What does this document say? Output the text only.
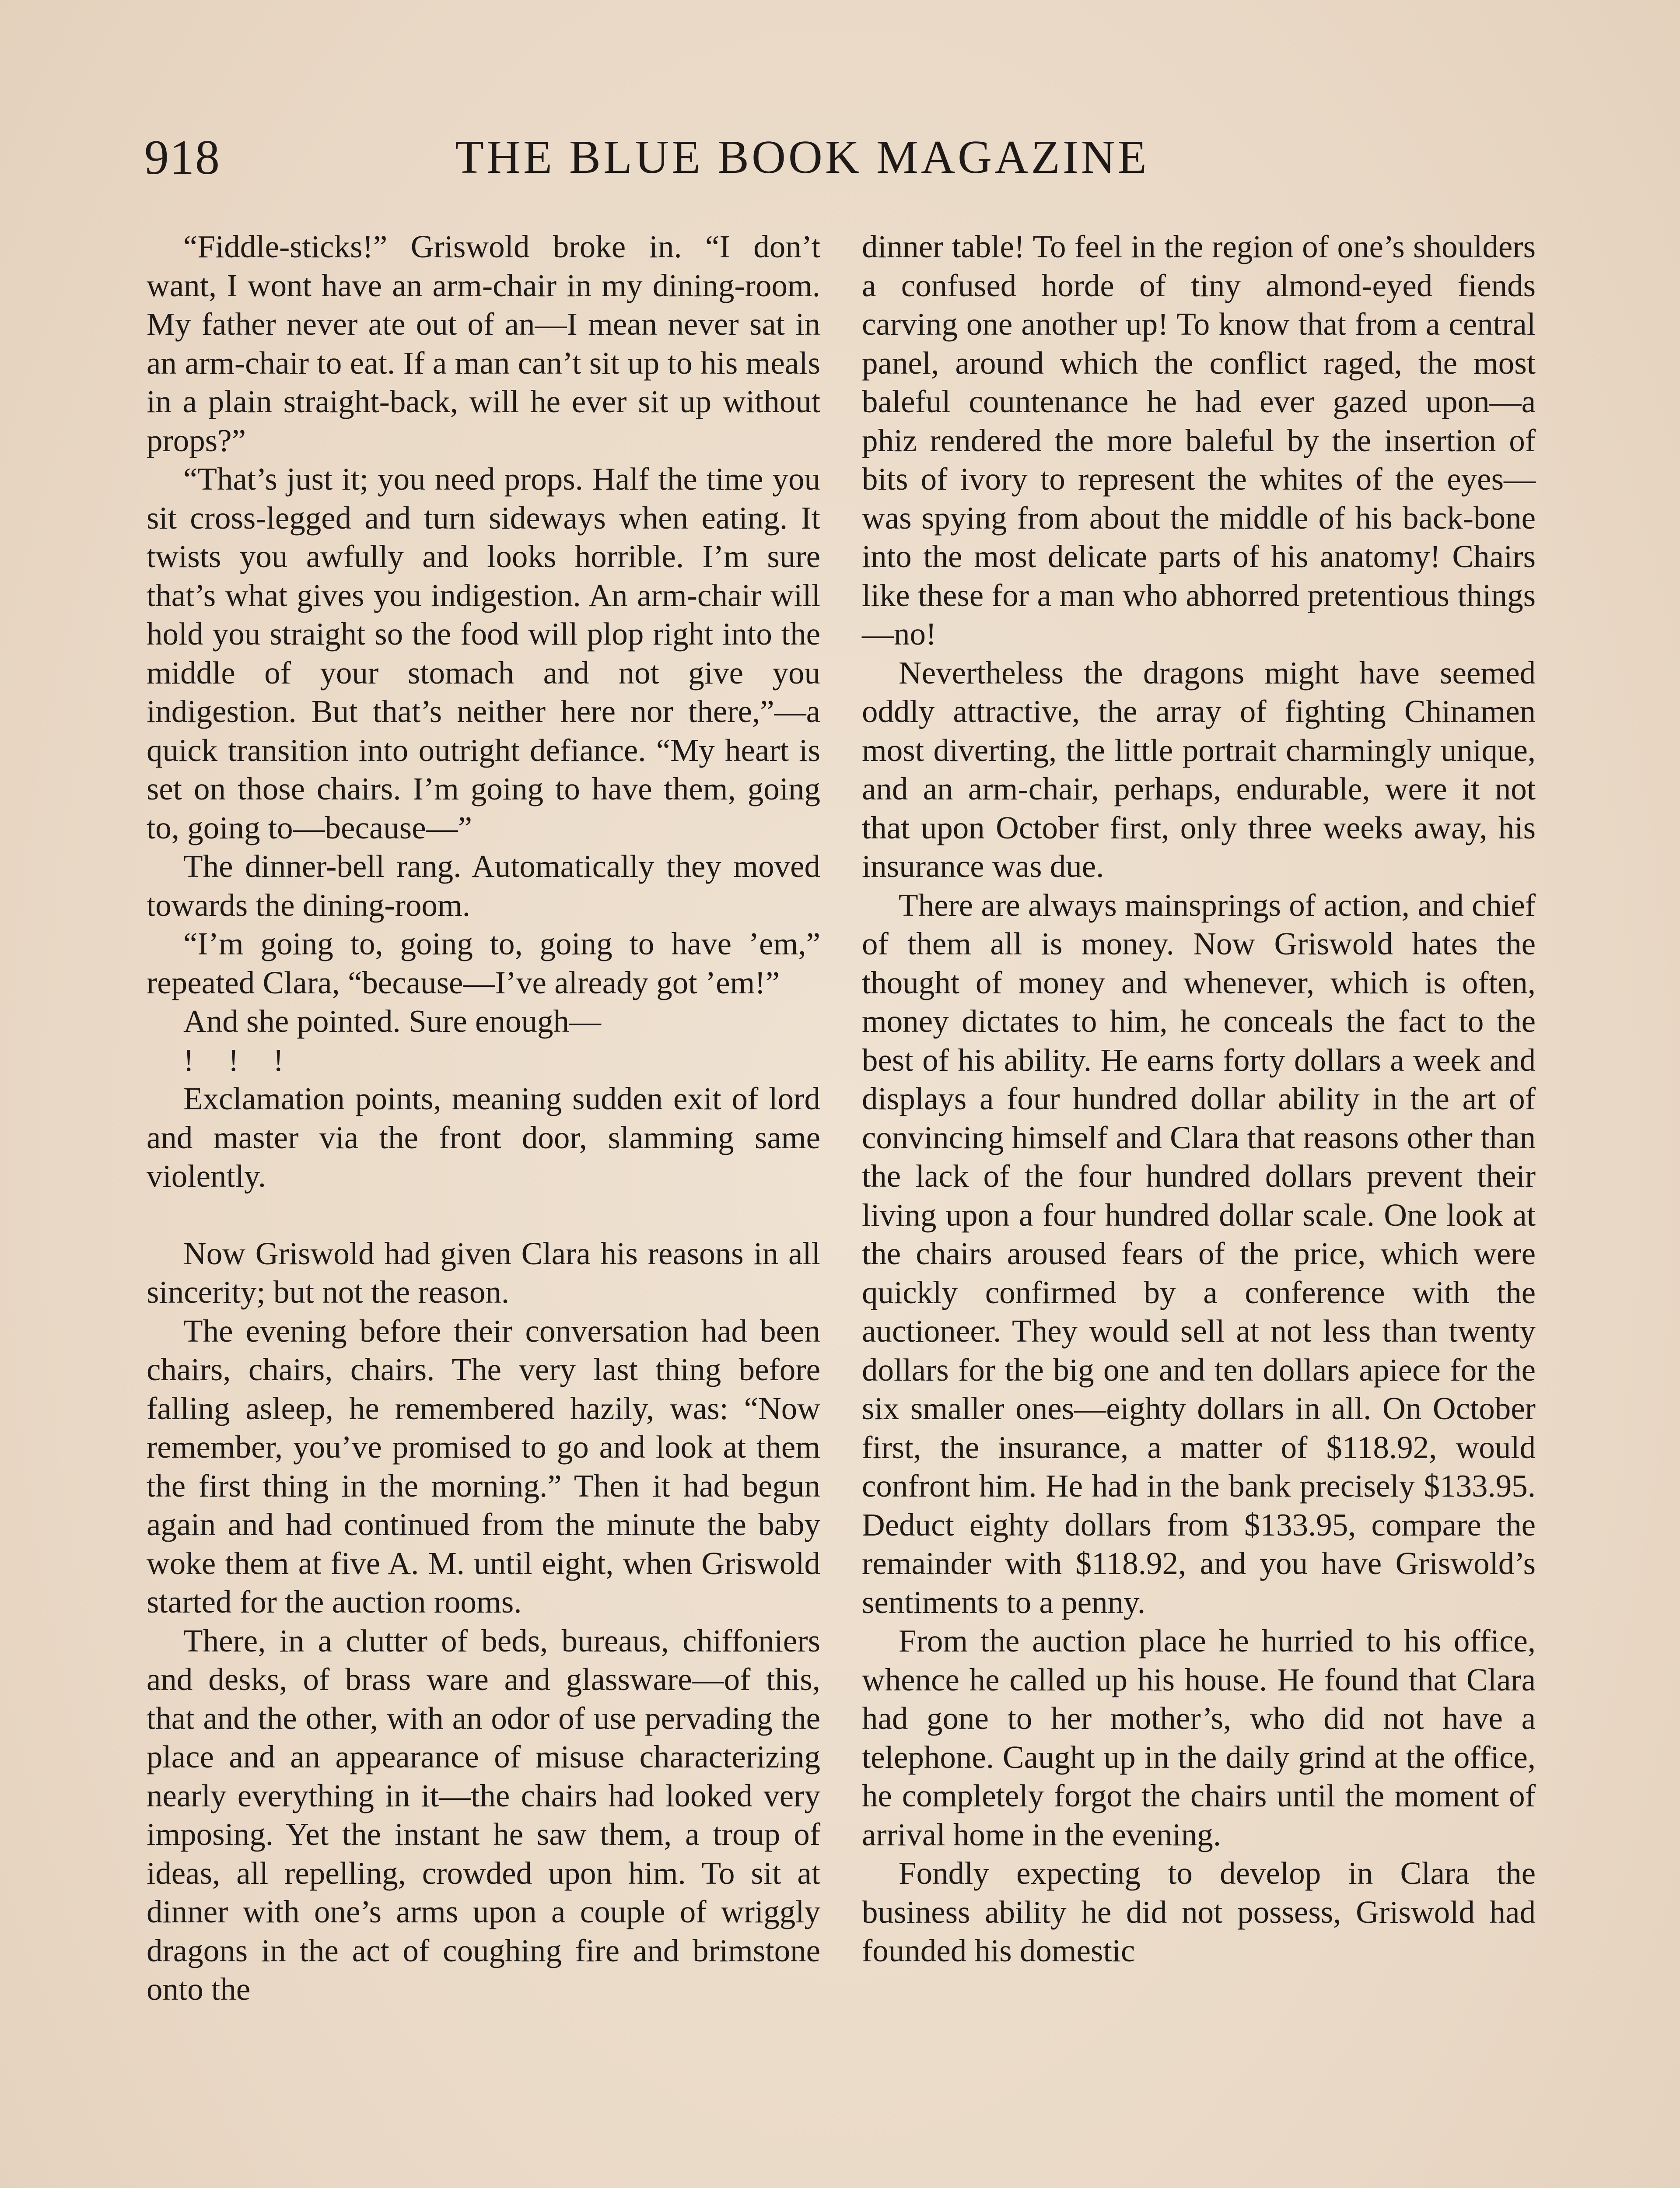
918	THE BLUE BOOK MAGAZINE

“Fiddle-sticks!” Griswold broke in. “I don’t want, I wont have an arm-chair in my dining-room. My father never ate out of an—I mean never sat in an arm-chair to eat. If a man can’t sit up to his meals in a plain straight-back, will he ever sit up without props?”

“That’s just it; you need props. Half the time you sit cross-legged and turn sideways when eating. It twists you awfully and looks horrible. I’m sure that’s what gives you indigestion. An arm-chair will hold you straight so the food will plop right into the middle of your stomach and not give you indigestion. But that’s neither here nor there,”—a quick transition into outright defiance. “My heart is set on those chairs. I’m going to have them, going to, going to—because—”

The dinner-bell rang. Automatically they moved towards the dining-room.

“I’m going to, going to, going to have ’em,” repeated Clara, “because—I’ve already got ’em!”

And she pointed. Sure enough—

! ! !

Exclamation points, meaning sudden exit of lord and master via the front door, slamming same violently.

Now Griswold had given Clara his reasons in all sincerity; but not the reason.

The evening before their conversation had been chairs, chairs, chairs. The very last thing before falling asleep, he remembered hazily, was: “Now remember, you’ve promised to go and look at them the first thing in the morning.” Then it had begun again and had continued from the minute the baby woke them at five A. M. until eight, when Griswold started for the auction rooms.

There, in a clutter of beds, bureaus, chiffoniers and desks, of brass ware and glassware—of this, that and the other, with an odor of use pervading the place and an appearance of misuse characterizing nearly everything in it—the chairs had looked very imposing. Yet the instant he saw them, a troup of ideas, all repelling, crowded upon him. To sit at dinner with one’s arms upon a couple of wriggly dragons in the act of coughing fire and brimstone onto the

dinner table! To feel in the region of one’s shoulders a confused horde of tiny almond-eyed fiends carving one another up! To know that from a central panel, around which the conflict raged, the most baleful countenance he had ever gazed upon—a phiz rendered the more baleful by the insertion of bits of ivory to represent the whites of the eyes—was spying from about the middle of his back-bone into the most delicate parts of his anatomy! Chairs like these for a man who abhorred pretentious things—no!

Nevertheless the dragons might have seemed oddly attractive, the array of fighting Chinamen most diverting, the little portrait charmingly unique, and an arm-chair, perhaps, endurable, were it not that upon October first, only three weeks away, his insurance was due.

There are always mainsprings of action, and chief of them all is money. Now Griswold hates the thought of money and whenever, which is often, money dictates to him, he conceals the fact to the best of his ability. He earns forty dollars a week and displays a four hundred dollar ability in the art of convincing himself and Clara that reasons other than the lack of the four hundred dollars prevent their living upon a four hundred dollar scale. One look at the chairs aroused fears of the price, which were quickly confirmed by a conference with the auctioneer. They would sell at not less than twenty dollars for the big one and ten dollars apiece for the six smaller ones—eighty dollars in all. On October first, the insurance, a matter of $118.92, would confront him. He had in the bank precisely $133.95. Deduct eighty dollars from $133.95, compare the remainder with $118.92, and you have Griswold’s sentiments to a penny.

From the auction place he hurried to his office, whence he called up his house. He found that Clara had gone to her mother’s, who did not have a telephone. Caught up in the daily grind at the office, he completely forgot the chairs until the moment of arrival home in the evening.

Fondly expecting to develop in Clara the business ability he did not possess, Griswold had founded his domestic
